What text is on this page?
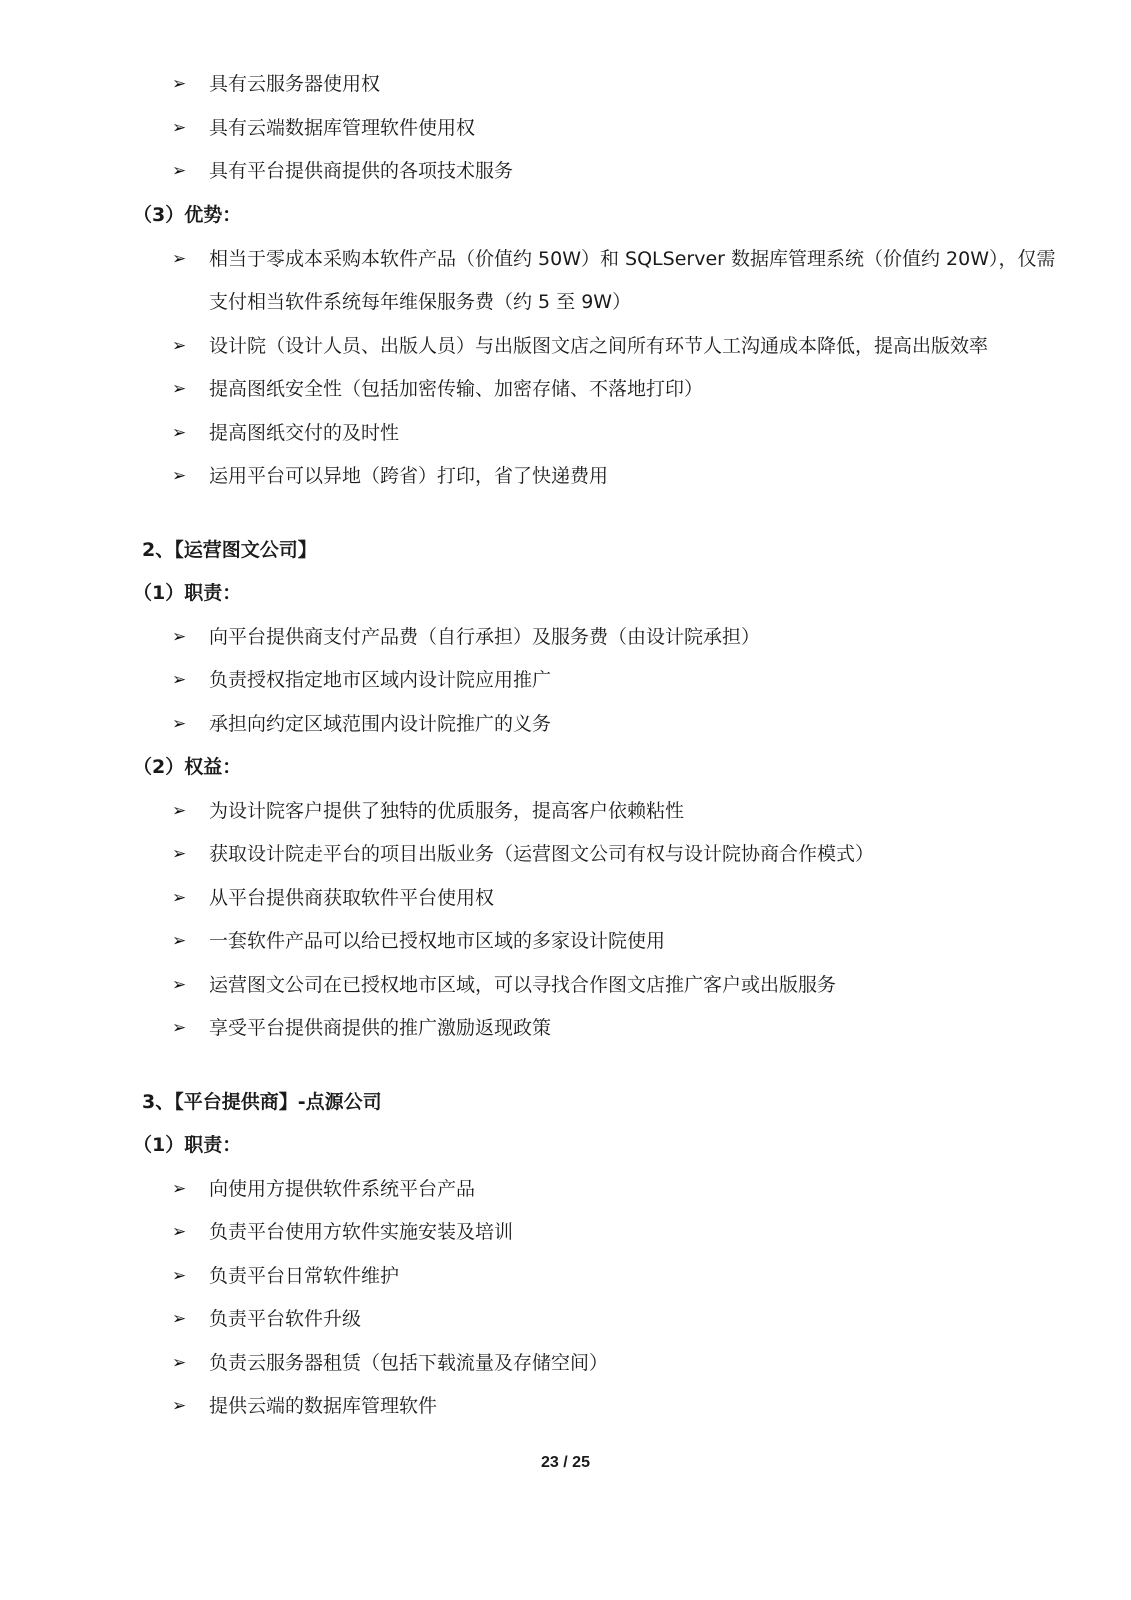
➢	具有云服务器使用权
➢	具有云端数据库管理软件使用权
➢	具有平台提供商提供的各项技术服务
（3）优势：
➢	相当于零成本采购本软件产品（价值约 50W）和 SQLServer 数据库管理系统（价值约 20W），仅需
支付相当软件系统每年维保服务费（约 5 至 9W）
➢	设计院（设计人员、出版人员）与出版图文店之间所有环节人工沟通成本降低，提高出版效率
➢	提高图纸安全性（包括加密传输、加密存储、不落地打印）
➢	提高图纸交付的及时性
➢	运用平台可以异地（跨省）打印，省了快递费用
2、【运营图文公司】
（1）职责：
➢	向平台提供商支付产品费（自行承担）及服务费（由设计院承担）
➢	负责授权指定地市区域内设计院应用推广
➢	承担向约定区域范围内设计院推广的义务
（2）权益：
➢	为设计院客户提供了独特的优质服务，提高客户依赖粘性
➢	获取设计院走平台的项目出版业务（运营图文公司有权与设计院协商合作模式）
➢	从平台提供商获取软件平台使用权
➢	一套软件产品可以给已授权地市区域的多家设计院使用
➢	运营图文公司在已授权地市区域，可以寻找合作图文店推广客户或出版服务
➢	享受平台提供商提供的推广激励返现政策
3、【平台提供商】-点源公司
（1）职责：
➢	向使用方提供软件系统平台产品
➢	负责平台使用方软件实施安装及培训
➢	负责平台日常软件维护
➢	负责平台软件升级
➢	负责云服务器租赁（包括下载流量及存储空间）
➢	提供云端的数据库管理软件
23 / 25
